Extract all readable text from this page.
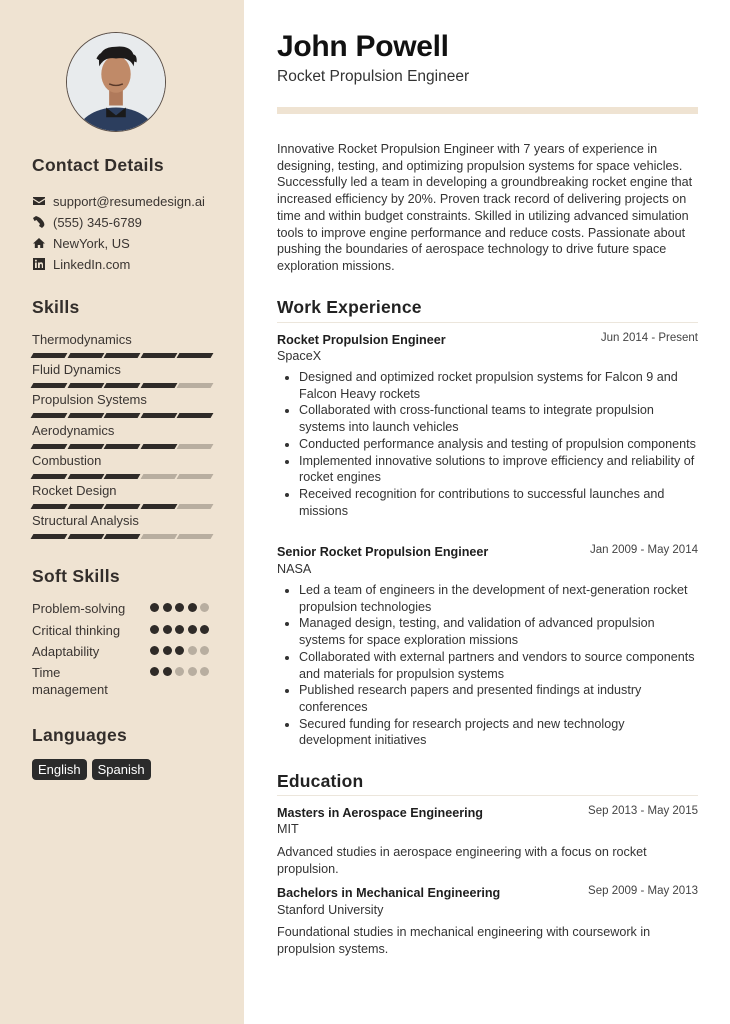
Contact Details
support@resumedesign.ai
(555) 345-6789
NewYork, US
LinkedIn.com
Skills
Thermodynamics
Fluid Dynamics
Propulsion Systems
Aerodynamics
Combustion
Rocket Design
Structural Analysis
Soft Skills
Problem-solving
Critical thinking
Adaptability
Time management
Languages
English	Spanish
John Powell
Rocket Propulsion Engineer

Innovative Rocket Propulsion Engineer with 7 years of experience in designing, testing, and optimizing propulsion systems for space vehicles. Successfully led a team in developing a groundbreaking rocket engine that increased efficiency by 20%. Proven track record of delivering projects on time and within budget constraints. Skilled in utilizing advanced simulation tools to improve engine performance and reduce costs. Passionate about pushing the boundaries of aerospace technology to drive future space exploration missions.

Work Experience
Rocket Propulsion Engineer	Jun 2014 - Present
SpaceX
Designed and optimized rocket propulsion systems for Falcon 9 and Falcon Heavy rockets
Collaborated with cross-functional teams to integrate propulsion systems into launch vehicles
Conducted performance analysis and testing of propulsion components
Implemented innovative solutions to improve efficiency and reliability of rocket engines
Received recognition for contributions to successful launches and missions
Senior Rocket Propulsion Engineer	Jan 2009 - May 2014
NASA
Led a team of engineers in the development of next-generation rocket propulsion technologies
Managed design, testing, and validation of advanced propulsion systems for space exploration missions
Collaborated with external partners and vendors to source components and materials for propulsion systems
Published research papers and presented findings at industry conferences
Secured funding for research projects and new technology development initiatives
Education
Masters in Aerospace Engineering	Sep 2013 - May 2015
MIT

Advanced studies in aerospace engineering with a focus on rocket propulsion.

Bachelors in Mechanical Engineering	Sep 2009 - May 2013
Stanford University

Foundational studies in mechanical engineering with coursework in propulsion systems.
